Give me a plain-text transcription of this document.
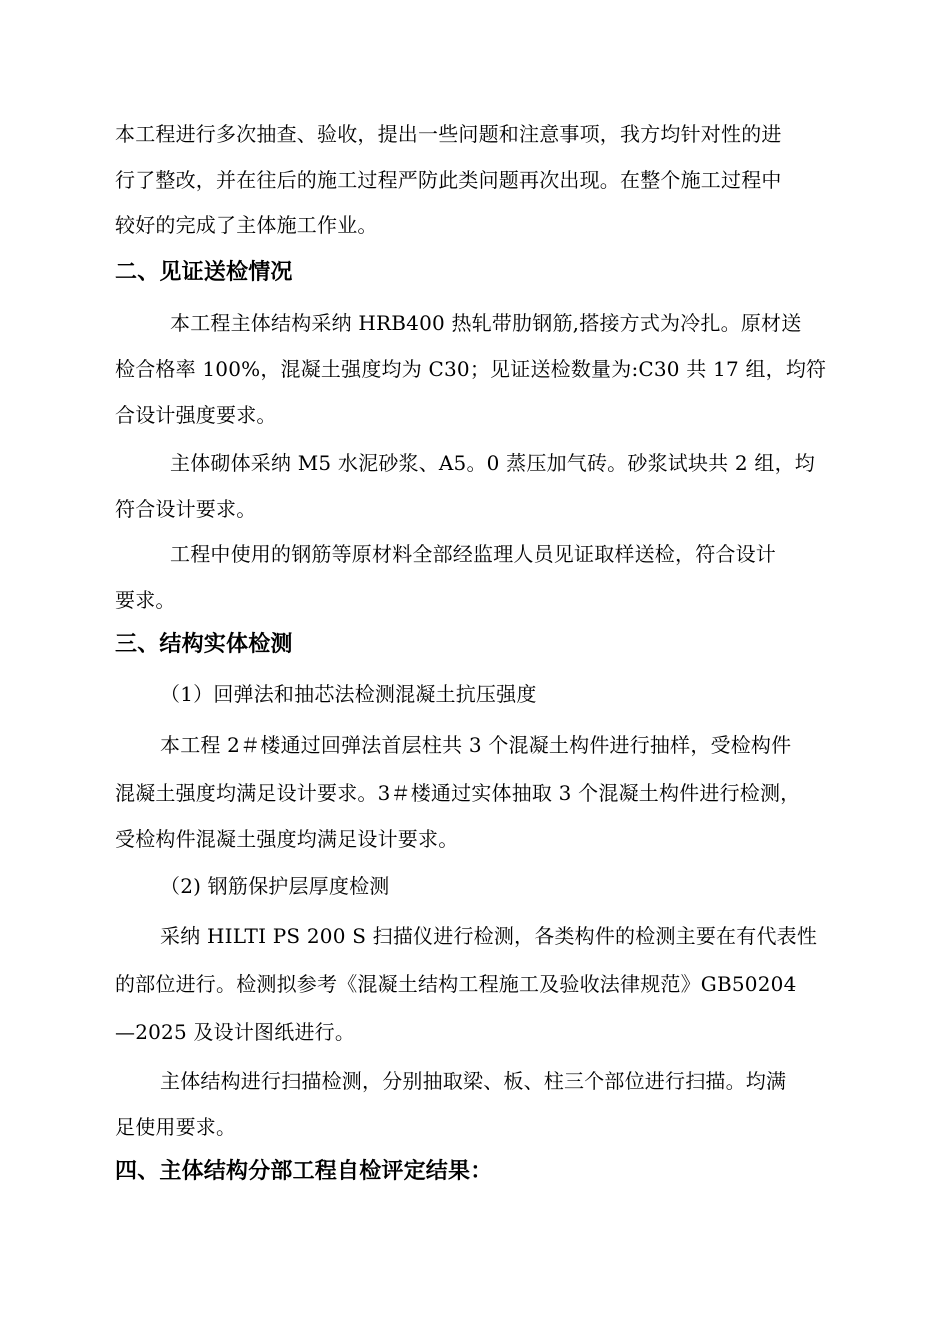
本工程进行多次抽查、验收，提出一些问题和注意事项，我方均针对性的进
行了整改，并在往后的施工过程严防此类问题再次出现。在整个施工过程中
较好的完成了主体施工作业。
二、见证送检情况
本工程主体结构采纳 HRB400 热轧带肋钢筋,搭接方式为冷扎。原材送
检合格率 100%，混凝土强度均为 C30；见证送检数量为:C30 共 17 组，均符
合设计强度要求。
主体砌体采纳 M5 水泥砂浆、A5。0 蒸压加气砖。砂浆试块共 2 组，均
符合设计要求。
工程中使用的钢筋等原材料全部经监理人员见证取样送检，符合设计
要求。
三、结构实体检测
（1）回弹法和抽芯法检测混凝土抗压强度
本工程 2＃楼通过回弹法首层柱共 3 个混凝土构件进行抽样，受检构件
混凝土强度均满足设计要求。3＃楼通过实体抽取 3 个混凝土构件进行检测，
受检构件混凝土强度均满足设计要求。
（2) 钢筋保护层厚度检测
采纳 HILTI PS 200 S 扫描仪进行检测，各类构件的检测主要在有代表性
的部位进行。检测拟参考《混凝土结构工程施工及验收法律规范》GB50204
—2025 及设计图纸进行。
主体结构进行扫描检测，分别抽取梁、板、柱三个部位进行扫描。均满
足使用要求。
四、主体结构分部工程自检评定结果：
